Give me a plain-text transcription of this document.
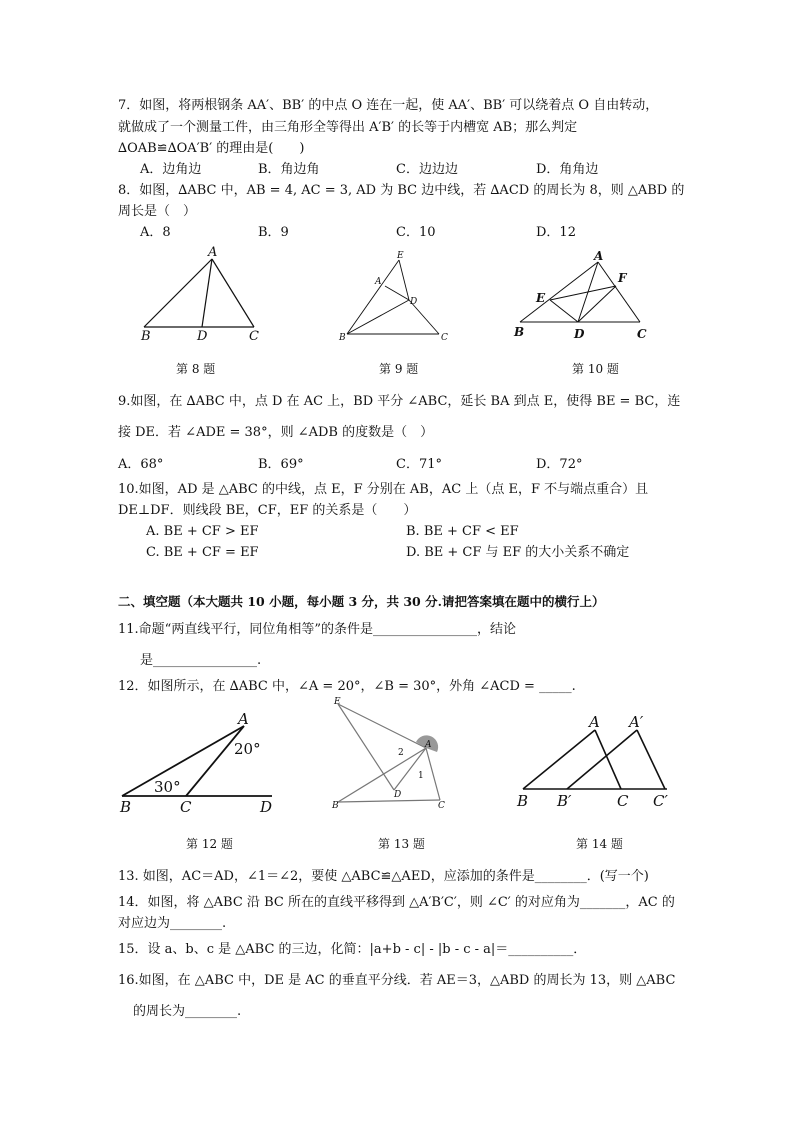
7．如图，将两根钢条 AA′、BB′ 的中点 O 连在一起，使 AA′、BB′ 可以绕着点 O 自由转动，
就做成了一个测量工件，由三角形全等得出 A′B′ 的长等于内槽宽 AB；那么判定
∆OAB≌∆OA′B′ 的理由是(　　)
A．边角边	B．角边角	C．边边边	D．角角边
8．如图，∆ABC 中，AB = 4, AC = 3, AD 为 BC 边中线，若 ∆ACD 的周长为 8，则 △ABD 的
周长是（　）
A．8	B．9	C．10	D．12
A
B	D	C
第 8 题
E
A
D
B	C
第 9 题
A
F
E
B	D	C
第 10 题
9.如图，在 ∆ABC 中，点 D 在 AC 上，BD 平分 ∠ABC，延长 BA 到点 E，使得 BE = BC，连
接 DE．若 ∠ADE = 38°，则 ∠ADB 的度数是（　）
A．68°	B．69°	C．71°	D．72°
10.如图，AD 是 △ABC 的中线，点 E，F 分别在 AB，AC 上（点 E，F 不与端点重合）且
DE⊥DF．则线段 BE，CF，EF 的关系是（　　）
A. BE + CF > EF	B. BE + CF < EF
C. BE + CF = EF	D. BE + CF 与 EF 的大小关系不确定
二、填空题（本大题共 10 小题，每小题 3 分，共 30 分.请把答案填在题中的横行上）
11.命题“两直线平行，同位角相等”的条件是________________，结论
是________________.
12．如图所示，在 ∆ABC 中，∠A = 20°，∠B = 30°，外角 ∠ACD = _____.
A
20°
30°
B	C	D
第 12 题
E
A
2
1
D
B	C
第 13 题
A A′
B B′	C C′
第 14 题
13. 如图，AC＝AD，∠1＝∠2，要使 △ABC≌△AED，应添加的条件是________．(写一个)
14．如图，将 △ABC 沿 BC 所在的直线平移得到 △A′B′C′，则 ∠C′ 的对应角为_______，AC 的
对应边为________.
15．设 a、b、c 是 △ABC 的三边，化简：|a+b - c| - |b - c - a|＝__________．
16.如图，在 △ABC 中，DE 是 AC 的垂直平分线．若 AE＝3，△ABD 的周长为 13，则 △ABC
的周长为________.
